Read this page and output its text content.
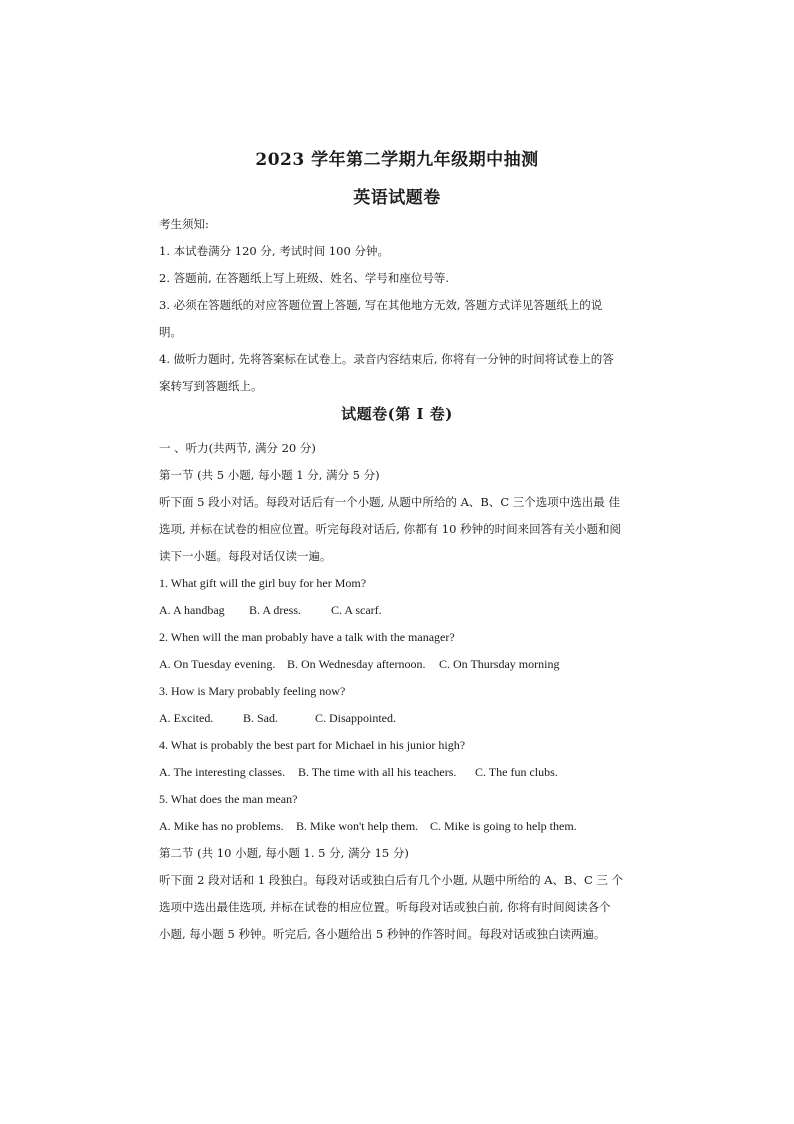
2023 学年第二学期九年级期中抽测
英语试题卷
考生须知:
1. 本试卷满分 120 分, 考试时间 100 分钟。
2. 答题前, 在答题纸上写上班级、姓名、学号和座位号等.
3. 必须在答题纸的对应答题位置上答题, 写在其他地方无效, 答题方式详见答题纸上的说
明。
4. 做听力题时, 先将答案标在试卷上。录音内容结束后, 你将有一分钟的时间将试卷上的答
案转写到答题纸上。
试题卷(第 I 卷)
一 、听力(共两节, 满分 20 分)
第一节 (共 5 小题, 每小题 1 分, 满分 5 分)
听下面 5 段小对话。每段对话后有一个小题, 从题中所给的 A、B、C 三个选项中选出最 佳
选项, 并标在试卷的相应位置。听完每段对话后, 你都有 10 秒钟的时间来回答有关小题和阅
读下一小题。每段对话仅读一遍。
1. What gift will the girl buy for her Mom?
A. A handbag B. A dress. C. A scarf.
2. When will the man probably have a talk with the manager?
A. On Tuesday evening. B. On Wednesday afternoon. C. On Thursday morning
3. How is Mary probably feeling now?
A. Excited. B. Sad.	C. Disappointed.
4. What is probably the best part for Michael in his junior high?
A. The interesting classes. B. The time with all his teachers. C. The fun clubs.
5. What does the man mean?
A. Mike has no problems. B. Mike won't help them. C. Mike is going to help them.
第二节 (共 10 小题, 每小题 1. 5 分, 满分 15 分)
听下面 2 段对话和 1 段独白。每段对话或独白后有几个小题, 从题中所给的 A、B、C 三 个
选项中选出最佳选项, 并标在试卷的相应位置。听每段对话或独白前, 你将有时间阅读各个
小题, 每小题 5 秒钟。听完后, 各小题给出 5 秒钟的作答时间。每段对话或独白读两遍。
